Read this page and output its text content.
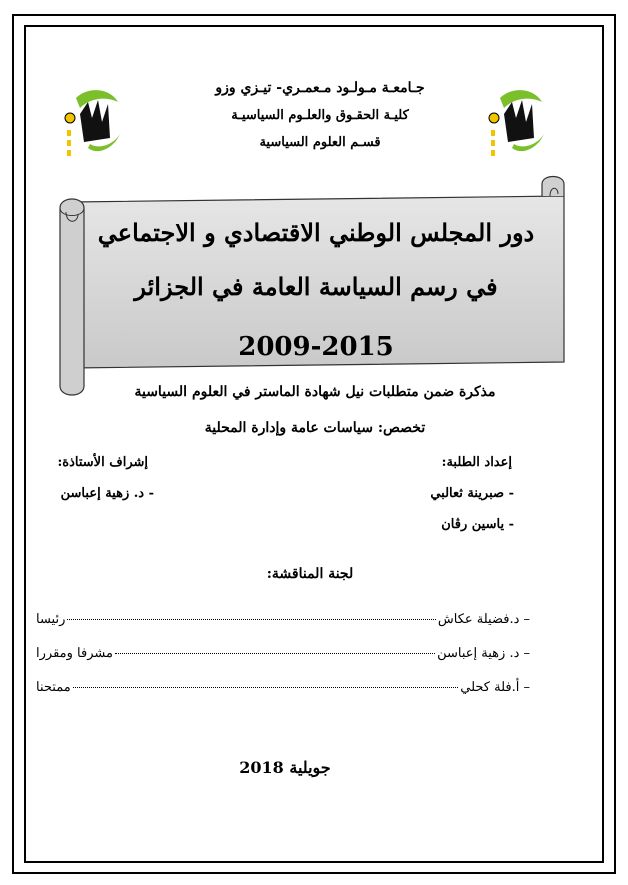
جـامعـة مـولـود مـعمـري- تيـزي وزو
كليـة الحقـوق والعلـوم السياسيـة
قسـم العلوم السياسية
دور المجلس الوطني الاقتصادي و الاجتماعي
في رسم السياسة العامة في الجزائر
2009-2015
مذكرة ضمن متطلبات نيل شهادة الماستر في العلوم السياسية
تخصص: سياسات عامة وإدارة المحلية
إعداد الطلبة:
- صبرينة ثعالبي
- ياسين رڤان
إشراف الأستاذة:
- د. زهية إعباسن
لجنة المناقشة:
– د.فضيلة عكاش
رئيسا
– د. زهية إعباسن
مشرفا ومقررا
– أ.فلة كحلي
ممتحنا
جويلية 2018
